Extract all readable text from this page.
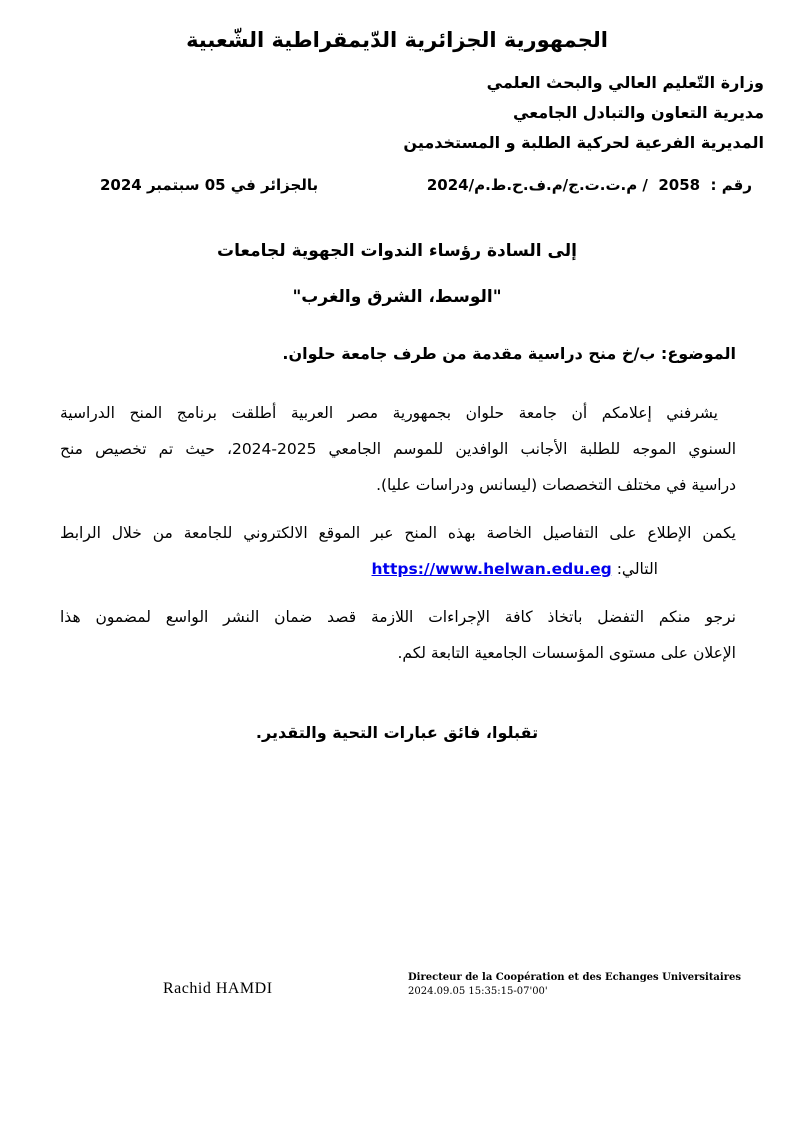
الجمهورية الجزائرية الدّيمقراطية الشّعبية
وزارة التّعليم العالي والبحث العلمي
مديرية التعاون والتبادل الجامعي
المديرية الفرعية لحركية الطلبة و المستخدمين
رقم :  2058  / م.ت.ت.ج/م.ف.ح.ط.م/2024
بالجزائر في 05 سبتمبر 2024
إلى السادة رؤساء الندوات الجهوية لجامعات
"الوسط، الشرق والغرب"
الموضوع: ب/خ منح دراسية مقدمة من طرف جامعة حلوان.
يشرفني إعلامكم أن جامعة حلوان بجمهورية مصر العربية أطلقت برنامج المنح الدراسية
السنوي الموجه للطلبة الأجانب الوافدين للموسم الجامعي 2025-2024، حيث تم تخصيص منح
دراسية في مختلف التخصصات (ليسانس ودراسات عليا).
يكمن الإطلاع على التفاصيل الخاصة بهذه المنح عبر الموقع الالكتروني للجامعة من خلال الرابط
التالي: https://www.helwan.edu.eg
نرجو منكم التفضل باتخاذ كافة الإجراءات اللازمة قصد ضمان النشر الواسع لمضمون هذا
الإعلان على مستوى المؤسسات الجامعية التابعة لكم.
تقبلوا، فائق عبارات التحية والتقدير.
Rachid HAMDI
Directeur de la Coopération et des Echanges Universitaires
2024.09.05 15:35:15-07'00'
